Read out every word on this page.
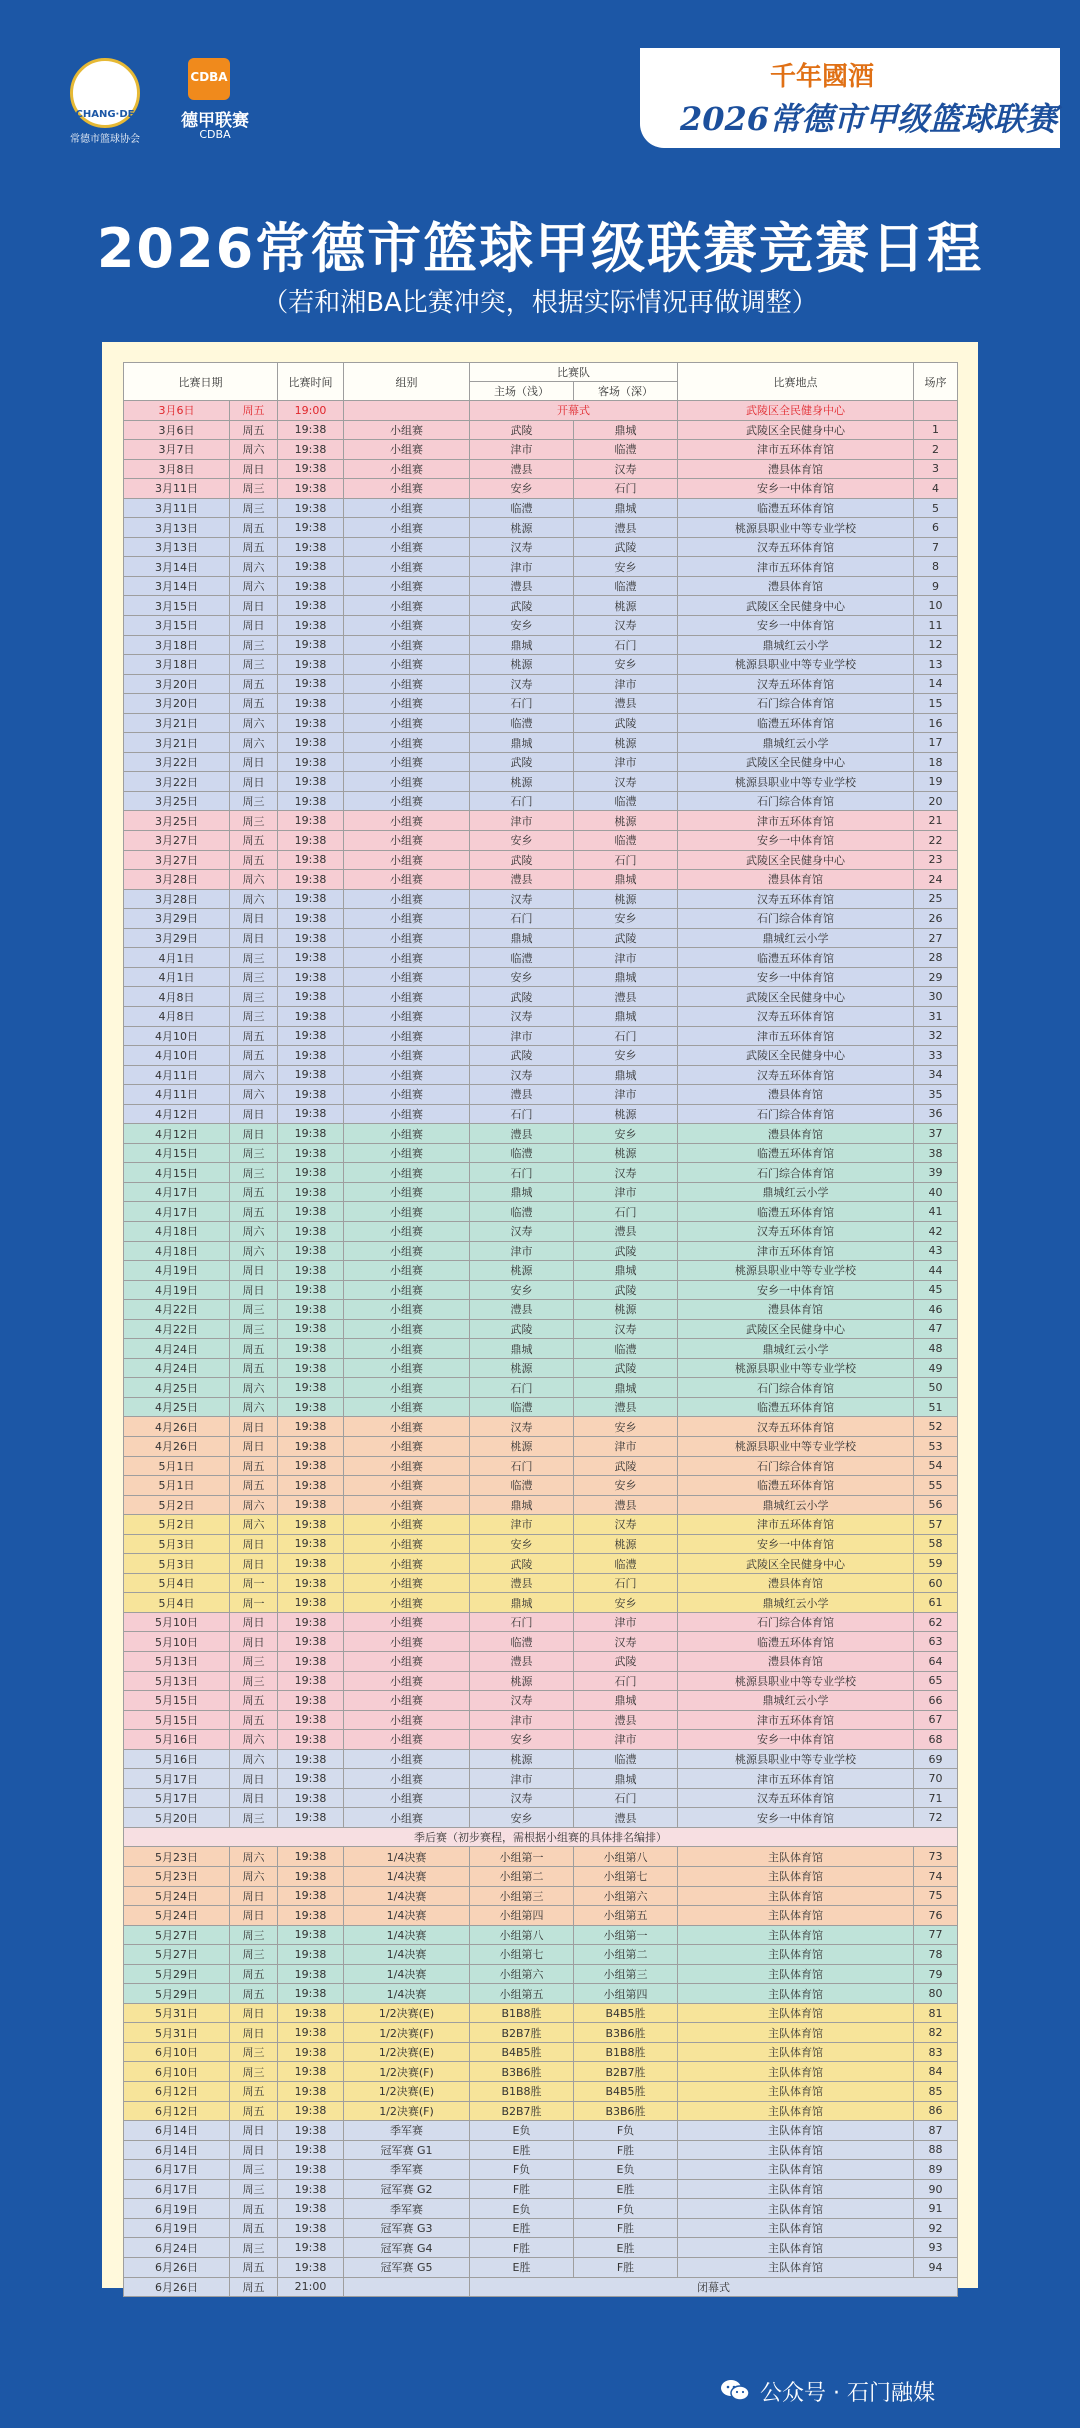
CHANG·DE
常德市篮球协会
CDBA
德甲联赛
CDBA
千年國酒
2026常德市甲级篮球联赛
2026常德市篮球甲级联赛竞赛日程
（若和湘BA比赛冲突，根据实际情况再做调整）
比赛日期		比赛时间	组别	比赛队		比赛地点	场序
				主场（浅）	客场（深）		
3月6日	周五	19:00		开幕式		武陵区全民健身中心	
3月6日	周五	19:38	小组赛	武陵	鼎城	武陵区全民健身中心	1
3月7日	周六	19:38	小组赛	津市	临澧	津市五环体育馆	2
3月8日	周日	19:38	小组赛	澧县	汉寿	澧县体育馆	3
3月11日	周三	19:38	小组赛	安乡	石门	安乡一中体育馆	4
3月11日	周三	19:38	小组赛	临澧	鼎城	临澧五环体育馆	5
3月13日	周五	19:38	小组赛	桃源	澧县	桃源县职业中等专业学校	6
3月13日	周五	19:38	小组赛	汉寿	武陵	汉寿五环体育馆	7
3月14日	周六	19:38	小组赛	津市	安乡	津市五环体育馆	8
3月14日	周六	19:38	小组赛	澧县	临澧	澧县体育馆	9
3月15日	周日	19:38	小组赛	武陵	桃源	武陵区全民健身中心	10
3月15日	周日	19:38	小组赛	安乡	汉寿	安乡一中体育馆	11
3月18日	周三	19:38	小组赛	鼎城	石门	鼎城红云小学	12
3月18日	周三	19:38	小组赛	桃源	安乡	桃源县职业中等专业学校	13
3月20日	周五	19:38	小组赛	汉寿	津市	汉寿五环体育馆	14
3月20日	周五	19:38	小组赛	石门	澧县	石门综合体育馆	15
3月21日	周六	19:38	小组赛	临澧	武陵	临澧五环体育馆	16
3月21日	周六	19:38	小组赛	鼎城	桃源	鼎城红云小学	17
3月22日	周日	19:38	小组赛	武陵	津市	武陵区全民健身中心	18
3月22日	周日	19:38	小组赛	桃源	汉寿	桃源县职业中等专业学校	19
3月25日	周三	19:38	小组赛	石门	临澧	石门综合体育馆	20
3月25日	周三	19:38	小组赛	津市	桃源	津市五环体育馆	21
3月27日	周五	19:38	小组赛	安乡	临澧	安乡一中体育馆	22
3月27日	周五	19:38	小组赛	武陵	石门	武陵区全民健身中心	23
3月28日	周六	19:38	小组赛	澧县	鼎城	澧县体育馆	24
3月28日	周六	19:38	小组赛	汉寿	桃源	汉寿五环体育馆	25
3月29日	周日	19:38	小组赛	石门	安乡	石门综合体育馆	26
3月29日	周日	19:38	小组赛	鼎城	武陵	鼎城红云小学	27
4月1日	周三	19:38	小组赛	临澧	津市	临澧五环体育馆	28
4月1日	周三	19:38	小组赛	安乡	鼎城	安乡一中体育馆	29
4月8日	周三	19:38	小组赛	武陵	澧县	武陵区全民健身中心	30
4月8日	周三	19:38	小组赛	汉寿	鼎城	汉寿五环体育馆	31
4月10日	周五	19:38	小组赛	津市	石门	津市五环体育馆	32
4月10日	周五	19:38	小组赛	武陵	安乡	武陵区全民健身中心	33
4月11日	周六	19:38	小组赛	汉寿	鼎城	汉寿五环体育馆	34
4月11日	周六	19:38	小组赛	澧县	津市	澧县体育馆	35
4月12日	周日	19:38	小组赛	石门	桃源	石门综合体育馆	36
4月12日	周日	19:38	小组赛	澧县	安乡	澧县体育馆	37
4月15日	周三	19:38	小组赛	临澧	桃源	临澧五环体育馆	38
4月15日	周三	19:38	小组赛	石门	汉寿	石门综合体育馆	39
4月17日	周五	19:38	小组赛	鼎城	津市	鼎城红云小学	40
4月17日	周五	19:38	小组赛	临澧	石门	临澧五环体育馆	41
4月18日	周六	19:38	小组赛	汉寿	澧县	汉寿五环体育馆	42
4月18日	周六	19:38	小组赛	津市	武陵	津市五环体育馆	43
4月19日	周日	19:38	小组赛	桃源	鼎城	桃源县职业中等专业学校	44
4月19日	周日	19:38	小组赛	安乡	武陵	安乡一中体育馆	45
4月22日	周三	19:38	小组赛	澧县	桃源	澧县体育馆	46
4月22日	周三	19:38	小组赛	武陵	汉寿	武陵区全民健身中心	47
4月24日	周五	19:38	小组赛	鼎城	临澧	鼎城红云小学	48
4月24日	周五	19:38	小组赛	桃源	武陵	桃源县职业中等专业学校	49
4月25日	周六	19:38	小组赛	石门	鼎城	石门综合体育馆	50
4月25日	周六	19:38	小组赛	临澧	澧县	临澧五环体育馆	51
4月26日	周日	19:38	小组赛	汉寿	安乡	汉寿五环体育馆	52
4月26日	周日	19:38	小组赛	桃源	津市	桃源县职业中等专业学校	53
5月1日	周五	19:38	小组赛	石门	武陵	石门综合体育馆	54
5月1日	周五	19:38	小组赛	临澧	安乡	临澧五环体育馆	55
5月2日	周六	19:38	小组赛	鼎城	澧县	鼎城红云小学	56
5月2日	周六	19:38	小组赛	津市	汉寿	津市五环体育馆	57
5月3日	周日	19:38	小组赛	安乡	桃源	安乡一中体育馆	58
5月3日	周日	19:38	小组赛	武陵	临澧	武陵区全民健身中心	59
5月4日	周一	19:38	小组赛	澧县	石门	澧县体育馆	60
5月4日	周一	19:38	小组赛	鼎城	安乡	鼎城红云小学	61
5月10日	周日	19:38	小组赛	石门	津市	石门综合体育馆	62
5月10日	周日	19:38	小组赛	临澧	汉寿	临澧五环体育馆	63
5月13日	周三	19:38	小组赛	澧县	武陵	澧县体育馆	64
5月13日	周三	19:38	小组赛	桃源	石门	桃源县职业中等专业学校	65
5月15日	周五	19:38	小组赛	汉寿	鼎城	鼎城红云小学	66
5月15日	周五	19:38	小组赛	津市	澧县	津市五环体育馆	67
5月16日	周六	19:38	小组赛	安乡	津市	安乡一中体育馆	68
5月16日	周六	19:38	小组赛	桃源	临澧	桃源县职业中等专业学校	69
5月17日	周日	19:38	小组赛	津市	鼎城	津市五环体育馆	70
5月17日	周日	19:38	小组赛	汉寿	石门	汉寿五环体育馆	71
5月20日	周三	19:38	小组赛	安乡	澧县	安乡一中体育馆	72
季后赛（初步赛程，需根据小组赛的具体排名编排）							
5月23日	周六	19:38	1/4决赛	小组第一	小组第八	主队体育馆	73
5月23日	周六	19:38	1/4决赛	小组第二	小组第七	主队体育馆	74
5月24日	周日	19:38	1/4决赛	小组第三	小组第六	主队体育馆	75
5月24日	周日	19:38	1/4决赛	小组第四	小组第五	主队体育馆	76
5月27日	周三	19:38	1/4决赛	小组第八	小组第一	主队体育馆	77
5月27日	周三	19:38	1/4决赛	小组第七	小组第二	主队体育馆	78
5月29日	周五	19:38	1/4决赛	小组第六	小组第三	主队体育馆	79
5月29日	周五	19:38	1/4决赛	小组第五	小组第四	主队体育馆	80
5月31日	周日	19:38	1/2决赛(E)	B1B8胜	B4B5胜	主队体育馆	81
5月31日	周日	19:38	1/2决赛(F)	B2B7胜	B3B6胜	主队体育馆	82
6月10日	周三	19:38	1/2决赛(E)	B4B5胜	B1B8胜	主队体育馆	83
6月10日	周三	19:38	1/2决赛(F)	B3B6胜	B2B7胜	主队体育馆	84
6月12日	周五	19:38	1/2决赛(E)	B1B8胜	B4B5胜	主队体育馆	85
6月12日	周五	19:38	1/2决赛(F)	B2B7胜	B3B6胜	主队体育馆	86
6月14日	周日	19:38	季军赛	E负	F负	主队体育馆	87
6月14日	周日	19:38	冠军赛 G1	E胜	F胜	主队体育馆	88
6月17日	周三	19:38	季军赛	F负	E负	主队体育馆	89
6月17日	周三	19:38	冠军赛 G2	F胜	E胜	主队体育馆	90
6月19日	周五	19:38	季军赛	E负	F负	主队体育馆	91
6月19日	周五	19:38	冠军赛 G3	E胜	F胜	主队体育馆	92
6月24日	周三	19:38	冠军赛 G4	F胜	E胜	主队体育馆	93
6月26日	周五	19:38	冠军赛 G5	E胜	F胜	主队体育馆	94
6月26日	周五	21:00		闭幕式			
公众号 · 石门融媒
